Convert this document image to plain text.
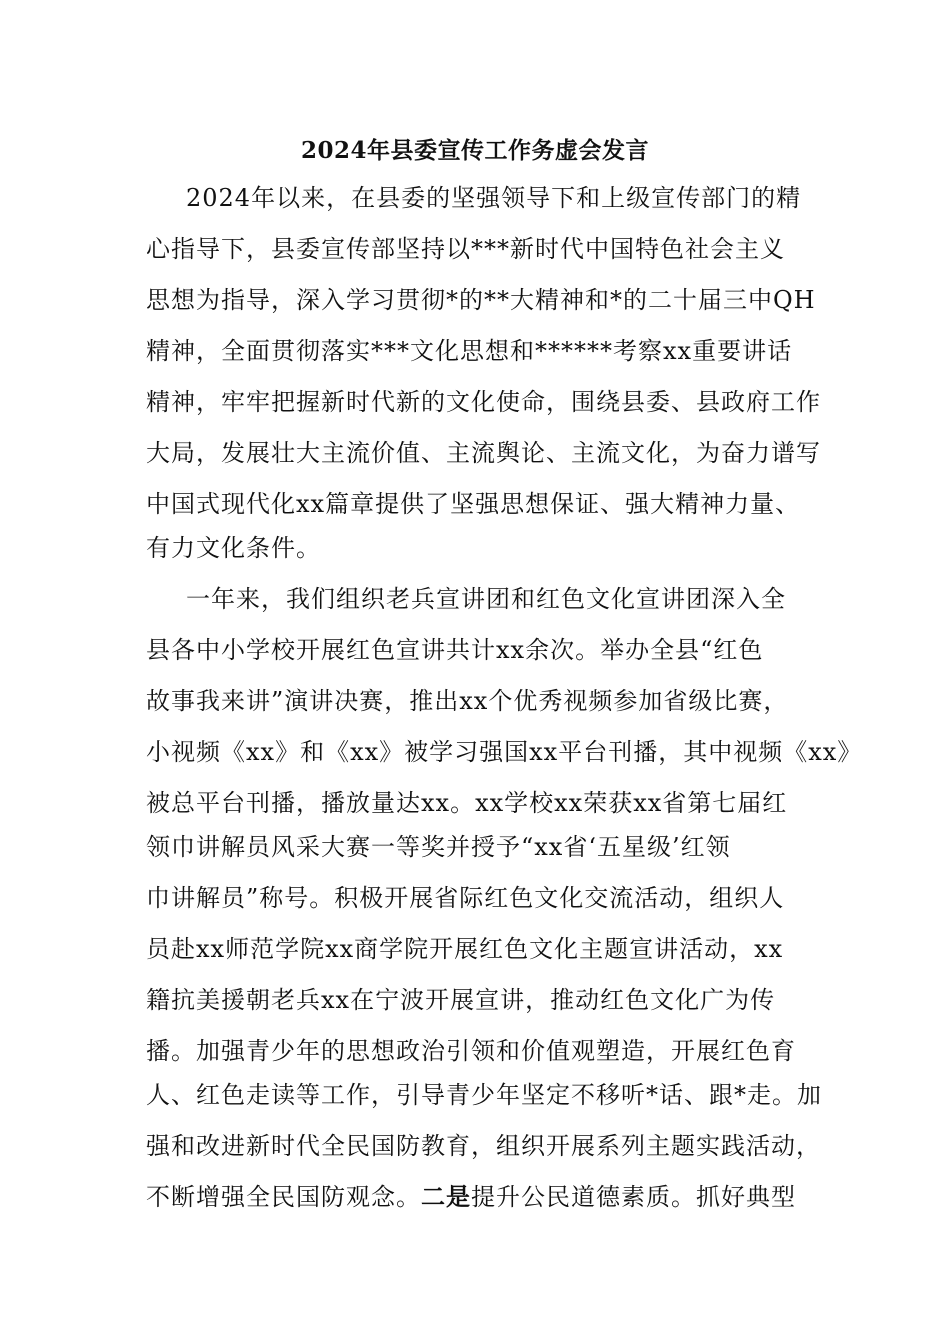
2024年县委宣传工作务虚会发言
2024年以来，在县委的坚强领导下和上级宣传部门的精
心指导下，县委宣传部坚持以***新时代中国特色社会主义
思想为指导，深入学习贯彻*的**大精神和*的二十届三中QH
精神，全面贯彻落实***文化思想和******考察xx重要讲话
精神，牢牢把握新时代新的文化使命，围绕县委、县政府工作
大局，发展壮大主流价值、主流舆论、主流文化，为奋力谱写
中国式现代化xx篇章提供了坚强思想保证、强大精神力量、
有力文化条件。
一年来，我们组织老兵宣讲团和红色文化宣讲团深入全
县各中小学校开展红色宣讲共计xx余次。举办全县“红色
故事我来讲”演讲决赛，推出xx个优秀视频参加省级比赛，
小视频《xx》和《xx》被学习强国xx平台刊播，其中视频《xx》
被总平台刊播，播放量达xx。xx学校xx荣获xx省第七届红
领巾讲解员风采大赛一等奖并授予“xx省‘五星级’红领
巾讲解员”称号。积极开展省际红色文化交流活动，组织人
员赴xx师范学院xx商学院开展红色文化主题宣讲活动，xx
籍抗美援朝老兵xx在宁波开展宣讲，推动红色文化广为传
播。加强青少年的思想政治引领和价值观塑造，开展红色育
人、红色走读等工作，引导青少年坚定不移听*话、跟*走。加
强和改进新时代全民国防教育，组织开展系列主题实践活动，
不断增强全民国防观念。二是提升公民道德素质。抓好典型
